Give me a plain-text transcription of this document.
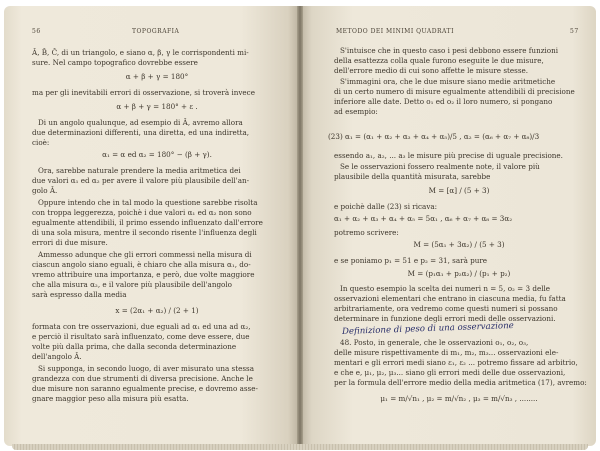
56	TOPOGRAFIA
Â, B̂, Ĉ, di un triangolo, e siano α, β, γ le corrispondenti mi-
sure. Nel campo topografico dovrebbe essere
α + β + γ = 180°
ma per gli inevitabili errori di osservazione, si troverà invece
α + β + γ = 180° + ε .
Di un angolo qualunque, ad esempio di Â, avremo allora
due determinazioni differenti, una diretta, ed una indiretta,
cioè:
α₁ = α ed α₂ = 180° − (β + γ).
Ora, sarebbe naturale prendere la media aritmetica dei
due valori α₁ ed α₂ per avere il valore più plausibile dell'an-
golo Â.
Oppure intendo che in tal modo la questione sarebbe risolta
con troppa leggerezza, poichè i due valori α₁ ed α₂ non sono
egualmente attendibili, il primo essendo influenzato dall'errore
di una sola misura, mentre il secondo risente l'influenza degli
errori di due misure.
Ammesso adunque che gli errori commessi nella misura di
ciascun angolo siano eguali, è chiaro che alla misura α₁, do-
vremo attribuire una importanza, e però, due volte maggiore
che alla misura α₂, e il valore più plausibile dell'angolo
sarà espresso dalla media
x = (2α₁ + α₂) / (2 + 1)
formata con tre osservazioni, due eguali ad α₁ ed una ad α₂,
e perciò il risultato sarà influenzato, come deve essere, due
volte più dalla prima, che dalla seconda determinazione
dell'angolo Â.
Si supponga, in secondo luogo, di aver misurato una stessa
grandezza con due strumenti di diversa precisione. Anche le
due misure non saranno egualmente precise, e dovremo asse-
gnare maggior peso alla misura più esatta.
METODO DEI MINIMI QUADRATI	57
S'intuisce che in questo caso i pesi debbono essere funzioni
della esattezza colla quale furono eseguite le due misure,
dell'errore medio di cui sono affette le misure stesse.
S'immagini ora, che le due misure siano medie aritmetiche
di un certo numero di misure egualmente attendibili di precisione
inferiore alle date. Detto o₁ ed o₂ il loro numero, si pongano
ad esempio:
(23) α₁ = (α₁ + α₂ + α₃ + α₄ + α₅)/5 , α₂ = (α₆ + α₇ + α₈)/3
essendo a₁, a₂, ... a₃ le misure più precise di uguale precisione.
Se le osservazioni fossero realmente note, il valore più
plausibile della quantità misurata, sarebbe
M = [α] / (5 + 3)
e poichè dalle (23) si ricava:
α₁ + α₂ + α₃ + α₄ + α₅ = 5α₁ , α₆ + α₇ + α₈ = 3α₂
potremo scrivere:
M = (5α₁ + 3α₂) / (5 + 3)
e se poniamo p₁ = 51 e p₂ = 31, sarà pure
M = (p₁α₁ + p₂α₂) / (p₁ + p₂)
In questo esempio la scelta dei numeri n = 5, o₂ = 3 delle
osservazioni elementari che entrano in ciascuna media, fu fatta
arbitrariamente, ora vedremo come questi numeri si possano
determinare in funzione degli errori medi delle osservazioni.
Definizione di peso di una osservazione
48. Posto, in generale, che le osservazioni o₁, o₂, o₃,
delle misure rispettivamente di m₁, m₂, m₃... osservazioni ele-
mentari e gli errori medi siano ε₁, ε₂ ... potremo fissare ad arbitrio,
e che e, μ₁, μ₂, μ₃... siano gli errori medi delle due osservazioni,
per la formula dell'errore medio della media aritmetica (17), avremo:
μ₁ = m/√n₁ , μ₂ = m/√n₂ , μ₃ = m/√n₃ , ........
